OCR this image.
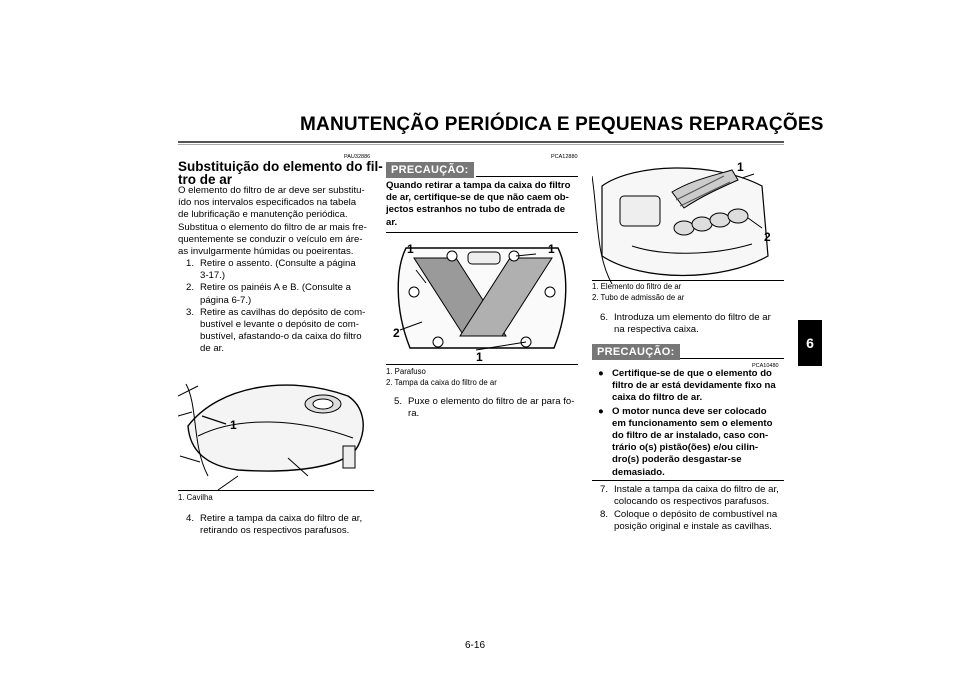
MANUTENÇÃO PERIÓDICA E PEQUENAS REPARAÇÕES
6
PAU32886
Substituição do elemento do fil-
tro de ar
O elemento do filtro de ar deve ser substitu-
ído nos intervalos especificados na tabela
de lubrificação e manutenção periódica.
Substitua o elemento do filtro de ar mais fre-
quentemente se conduzir o veículo em áre-
as invulgarmente húmidas ou poeirentas.
1. Retire o assento. (Consulte a página
3-17.)
2. Retire os painéis A e B. (Consulte a
página 6-7.)
3. Retire as cavilhas do depósito de com-
bustível e levante o depósito de com-
bustível, afastando-o da caixa do filtro
de ar.
1
1. Cavilha
4. Retire a tampa da caixa do filtro de ar,
retirando os respectivos parafusos.
PCA12880
PRECAUÇÃO:
Quando retirar a tampa da caixa do filtro
de ar, certifique-se de que não caem ob-
jectos estranhos no tubo de entrada de
ar.
1	1
2
1
1. Parafuso
2. Tampa da caixa do filtro de ar
5. Puxe o elemento do filtro de ar para fo-
ra.
1
2
1. Elemento do filtro de ar
2. Tubo de admissão de ar
6. Introduza um elemento do filtro de ar
na respectiva caixa.
PRECAUÇÃO:
PCA10480
● Certifique-se de que o elemento do
filtro de ar está devidamente fixo na
caixa do filtro de ar.
● O motor nunca deve ser colocado
em funcionamento sem o elemento
do filtro de ar instalado, caso con-
trário o(s) pistão(ões) e/ou cilin-
dro(s) poderão desgastar-se
demasiado.
7. Instale a tampa da caixa do filtro de ar,
colocando os respectivos parafusos.
8. Coloque o depósito de combustível na
posição original e instale as cavilhas.
6-16
